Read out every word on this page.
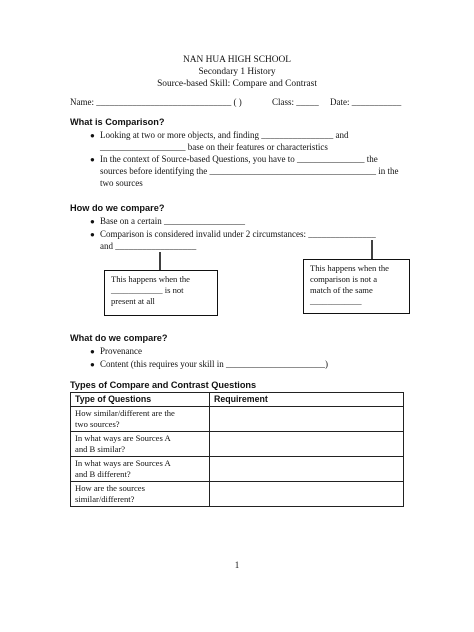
NAN HUA HIGH SCHOOL
Secondary 1 History
Source-based Skill: Compare and Contrast
Name: ______________________________ ( )	Class: _____ Date: ___________
What is Comparison?
● Looking at two or more objects, and finding ________________ and
___________________ base on their features or characteristics
● In the context of Source-based Questions, you have to _______________ the
sources before identifying the _____________________________________ in the
two sources
How do we compare?
● Base on a certain __________________
● Comparison is considered invalid under 2 circumstances: _______________
and __________________
This happens when the
____________ is not
present at all
This happens when the
comparison is not a
match of the same
____________
What do we compare?
● Provenance
● Content (this requires your skill in ______________________)
Types of Compare and Contrast Questions
Type of Questions	Requirement

How similar/different are the
two sources?	

In what ways are Sources A
and B similar?	

In what ways are Sources A
and B different?	

How are the sources
similar/different?	

1
